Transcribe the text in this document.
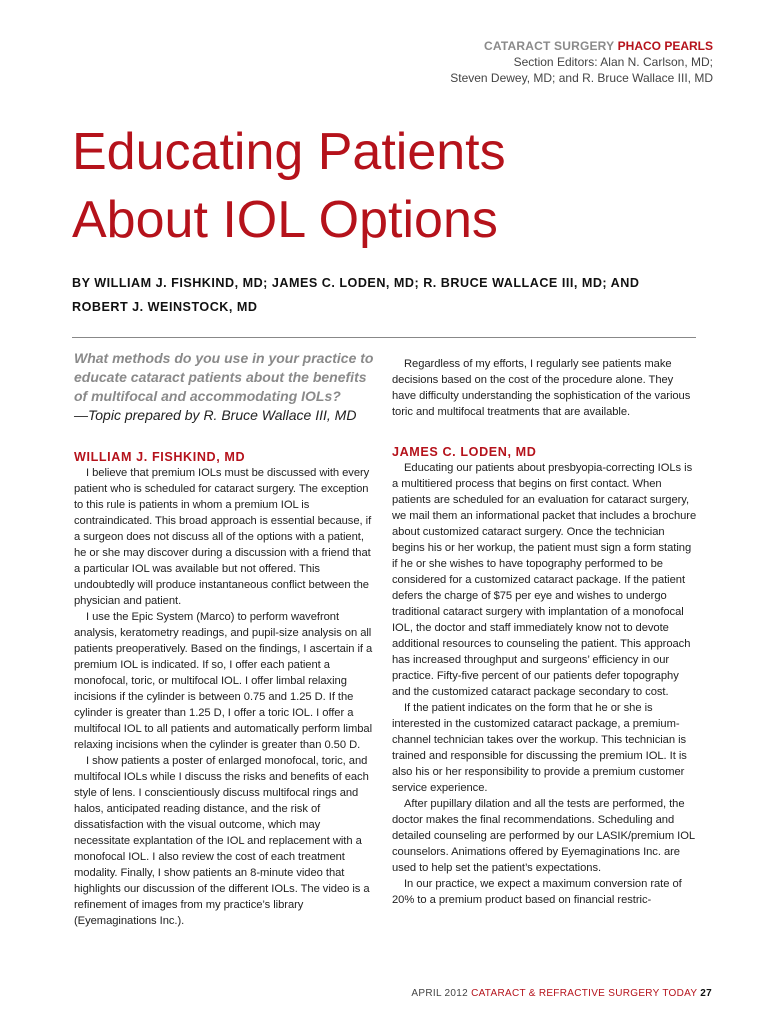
CATARACT SURGERY PHACO PEARLS
Section Editors: Alan N. Carlson, MD;
Steven Dewey, MD; and R. Bruce Wallace III, MD
Educating Patients
About IOL Options
BY WILLIAM J. FISHKIND, MD; JAMES C. LODEN, MD; R. BRUCE WALLACE III, MD; AND
ROBERT J. WEINSTOCK, MD
What methods do you use in your practice to educate cataract patients about the benefits of multifocal and accommodating IOLs?
—Topic prepared by R. Bruce Wallace III, MD
WILLIAM J. FISHKIND, MD

I believe that premium IOLs must be discussed with every patient who is scheduled for cataract surgery. The exception to this rule is patients in whom a premium IOL is contraindicated. This broad approach is essential because, if a surgeon does not discuss all of the options with a patient, he or she may discover during a discussion with a friend that a particular IOL was available but not offered. This undoubtedly will produce instantaneous conflict between the physician and patient.

I use the Epic System (Marco) to perform wavefront analysis, keratometry readings, and pupil-size analysis on all patients preoperatively. Based on the findings, I ascertain if a premium IOL is indicated. If so, I offer each patient a monofocal, toric, or multifocal IOL. I offer limbal relaxing incisions if the cylinder is between 0.75 and 1.25 D. If the cylinder is greater than 1.25 D, I offer a toric IOL. I offer a multifocal IOL to all patients and automatically perform limbal relaxing incisions when the cylinder is greater than 0.50 D.

I show patients a poster of enlarged monofocal, toric, and multifocal IOLs while I discuss the risks and benefits of each style of lens. I conscientiously discuss multifocal rings and halos, anticipated reading distance, and the risk of dissatisfaction with the visual outcome, which may necessitate explantation of the IOL and replacement with a monofocal IOL. I also review the cost of each treatment modality. Finally, I show patients an 8-minute video that highlights our discussion of the different IOLs. The video is a refinement of images from my practice’s library (Eyemaginations Inc.).

Regardless of my efforts, I regularly see patients make decisions based on the cost of the procedure alone. They have difficulty understanding the sophistication of the various toric and multifocal treatments that are available.

JAMES C. LODEN, MD

Educating our patients about presbyopia-correcting IOLs is a multitiered process that begins on first contact. When patients are scheduled for an evaluation for cataract surgery, we mail them an informational packet that includes a brochure about customized cataract surgery. Once the technician begins his or her workup, the patient must sign a form stating if he or she wishes to have topography performed to be considered for a customized cataract package. If the patient defers the charge of $75 per eye and wishes to undergo traditional cataract surgery with implantation of a monofocal IOL, the doctor and staff immediately know not to devote additional resources to counseling the patient. This approach has increased throughput and surgeons’ efficiency in our practice. Fifty-five percent of our patients defer topography and the customized cataract package secondary to cost.

If the patient indicates on the form that he or she is interested in the customized cataract package, a premium-channel technician takes over the workup. This technician is trained and responsible for discussing the premium IOL. It is also his or her responsibility to provide a premium customer service experience.

After pupillary dilation and all the tests are performed, the doctor makes the final recommendations. Scheduling and detailed counseling are performed by our LASIK/premium IOL counselors. Animations offered by Eyemaginations Inc. are used to help set the patient’s expectations.

In our practice, we expect a maximum conversion rate of 20% to a premium product based on financial restric-

APRIL 2012 CATARACT & REFRACTIVE SURGERY TODAY 27
